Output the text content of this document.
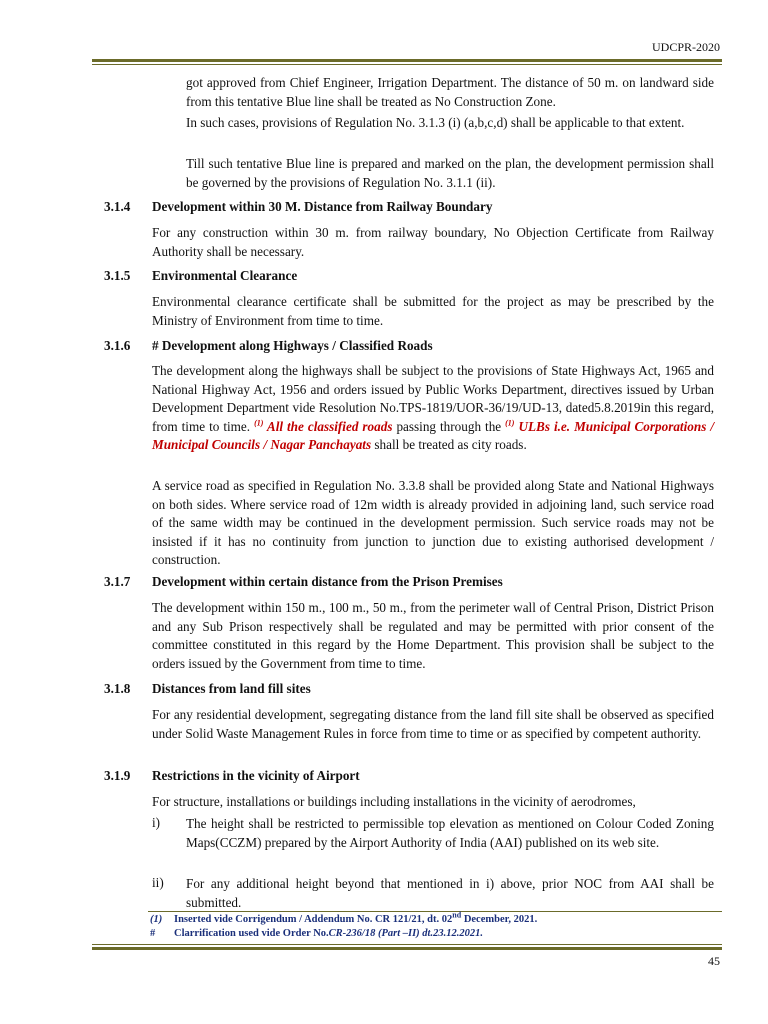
UDCPR-2020

got approved from Chief Engineer, Irrigation Department. The distance of 50 m. on landward side from this tentative Blue line shall be treated as No Construction Zone.

In such cases, provisions of Regulation No. 3.1.3 (i) (a,b,c,d) shall be applicable to that extent.

Till such tentative Blue line is prepared and marked on the plan, the development permission shall be governed by the provisions of Regulation No. 3.1.1 (ii).

3.1.4 Development within 30 M. Distance from Railway Boundary

For any construction within 30 m. from railway boundary, No Objection Certificate from Railway Authority shall be necessary.

3.1.5 Environmental Clearance

Environmental clearance certificate shall be submitted for the project as may be prescribed by the Ministry of Environment from time to time.

3.1.6 # Development along Highways / Classified Roads

The development along the highways shall be subject to the provisions of State Highways Act, 1965 and National Highway Act, 1956 and orders issued by Public Works Department, directives issued by Urban Development Department vide Resolution No.TPS-1819/UOR-36/19/UD-13, dated5.8.2019in this regard, from time to time. $^{(1)}$ All the classified roads passing through the $^{(1)}$ ULBs i.e. Municipal Corporations / Municipal Councils / Nagar Panchayats shall be treated as city roads.

A service road as specified in Regulation No. 3.3.8 shall be provided along State and National Highways on both sides. Where service road of 12m width is already provided in adjoining land, such service road of the same width may be continued in the development permission. Such service roads may not be insisted if it has no continuity from junction to junction due to existing authorised development / construction.

3.1.7 Development within certain distance from the Prison Premises

The development within 150 m., 100 m., 50 m., from the perimeter wall of Central Prison, District Prison and any Sub Prison respectively shall be regulated and may be permitted with prior consent of the committee constituted in this regard by the Home Department. This provision shall be subject to the orders issued by the Government from time to time.

3.1.8 Distances from land fill sites

For any residential development, segregating distance from the land fill site shall be observed as specified under Solid Waste Management Rules in force from time to time or as specified by competent authority.

3.1.9 Restrictions in the vicinity of Airport

For structure, installations or buildings including installations in the vicinity of aerodromes,

i) The height shall be restricted to permissible top elevation as mentioned on Colour Coded Zoning Maps(CCZM) prepared by the Airport Authority of India (AAI) published on its web site.

ii) For any additional height beyond that mentioned in i) above, prior NOC from AAI shall be submitted.

(1) Inserted vide Corrigendum / Addendum No. CR 121/21, dt. 02nd December, 2021.
# Clarrification used vide Order No.CR-236/18 (Part –II) dt.23.12.2021.
45
